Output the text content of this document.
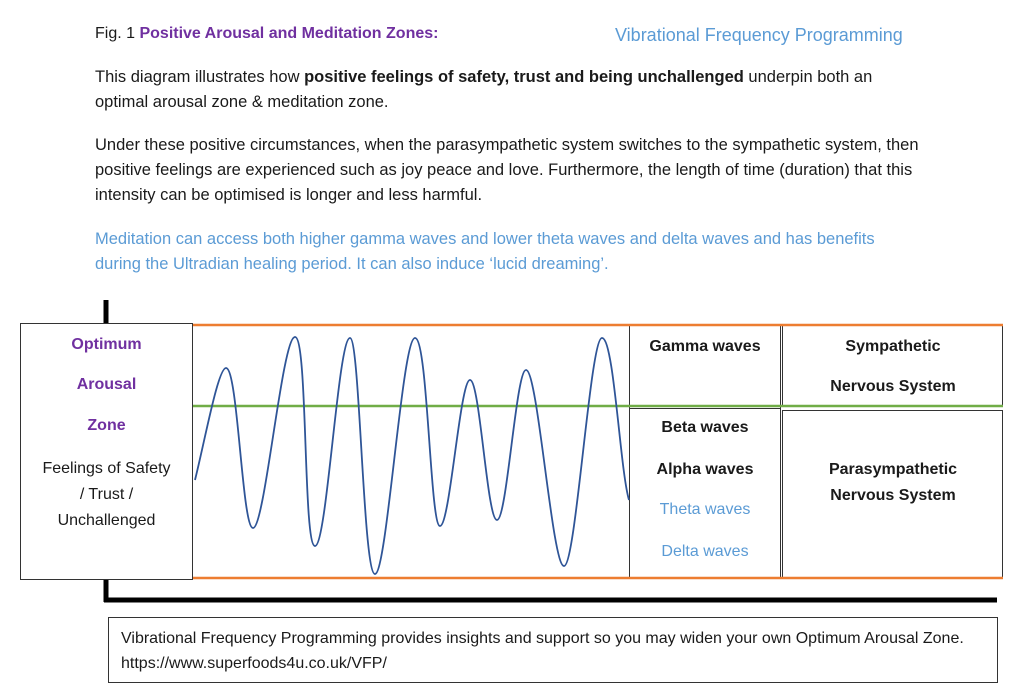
Fig. 1 Positive Arousal and Meditation Zones:	Vibrational Frequency Programming
This diagram illustrates how positive feelings of safety, trust and being unchallenged underpin both an optimal arousal zone & meditation zone.
Under these positive circumstances, when the parasympathetic system switches to the sympathetic system, then positive feelings are experienced such as joy peace and love. Furthermore, the length of time (duration) that this intensity can be optimised is longer and less harmful.
Meditation can access both higher gamma waves and lower theta waves and delta waves and has benefits during the Ultradian healing period. It can also induce ‘lucid dreaming’.
Optimum
Arousal
Zone
Feelings of Safety
/ Trust /
Unchallenged
Gamma waves
Beta waves
Alpha waves
Theta waves
Delta waves
Sympathetic
Nervous System
Parasympathetic
Nervous System
Vibrational Frequency Programming provides insights and support so you may widen your own Optimum Arousal Zone. https://www.superfoods4u.co.uk/VFP/
